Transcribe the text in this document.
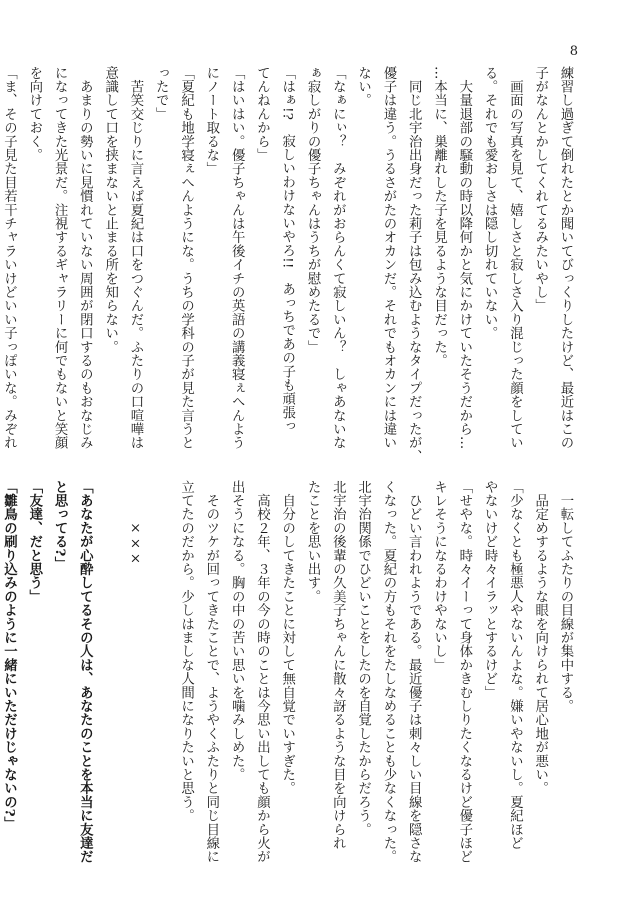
8
練習し過ぎて倒れたとか聞いてびっくりしたけど、最近はこの
子がなんとかしてくれてるみたいやし」
　画面の写真を見て、嬉しさと寂しさ入り混じった顔をしてい
る。それでも愛おしさは隠し切れていない。
　大量退部の騒動の時以降何かと気にかけていたそうだから…
…本当に、巣離れした子を見るような目だった。
　同じ北宇治出身だった莉子は包み込むようなタイプだったが、
優子は違う。うるさがたのオカンだ。それでもオカンには違い
ない。
「なぁにぃ？　みぞれがおらんくて寂しいん？　しゃあないな
ぁ寂しがりの優子ちゃんはうちが慰めたるで」
「はぁ!?　寂しいわけないやろ!!　あっちであの子も頑張っ
てんねんから」
「はいはい。優子ちゃんは午後イチの英語の講義寝ぇへんよう
にノート取るな」
「夏紀も地学寝ぇへんようにな。うちの学科の子が見た言うと
ったで」
　苦笑交じりに言えば夏紀は口をつぐんだ。ふたりの口喧嘩は
意識して口を挟まないと止まる所を知らない。
　あまりの勢いに見慣れていない周囲が閉口するのもおなじみ
になってきた光景だ。注視するギャラリーに何でもないと笑顔
を向けておく。
「ま、その子見た目若干チャラいけどいい子っぽいな。みぞれ
　一転してふたりの目線が集中する。
　品定めするような眼を向けられて居心地が悪い。
「少なくとも極悪人やないんよな。嫌いやないし。夏紀ほど
やないけど時々イラッとするけど」
「せやな。時々イーって身体かきむしりたくなるけど優子ほど
キレそうになるわけやないし」
　ひどい言われようである。最近優子は刺々しい目線を隠さな
くなった。夏紀の方もそれをたしなめることも少なくなった。
北宇治関係でひどいことをしたのを自覚したからだろう。
北宇治の後輩の久美子ちゃんに散々訝るような目を向けられ
たことを思い出す。
　自分のしてきたことに対して無自覚でいすぎた。
　高校２年、３年の今の時のことは今思い出しても顔から火が
出そうになる。胸の中の苦い思いを噛みしめた。
　そのツケが回ってきたことで、ようやくふたりと同じ目線に
立てたのだから。少しはましな人間になりたいと思う。

　　　×××

「あなたが心酔してるその人は、あなたのことを本当に友達だ
と思ってる?」
「友達、だと思う」
「雛鳥の刷り込みのように一緒にいただけじゃないの?」
